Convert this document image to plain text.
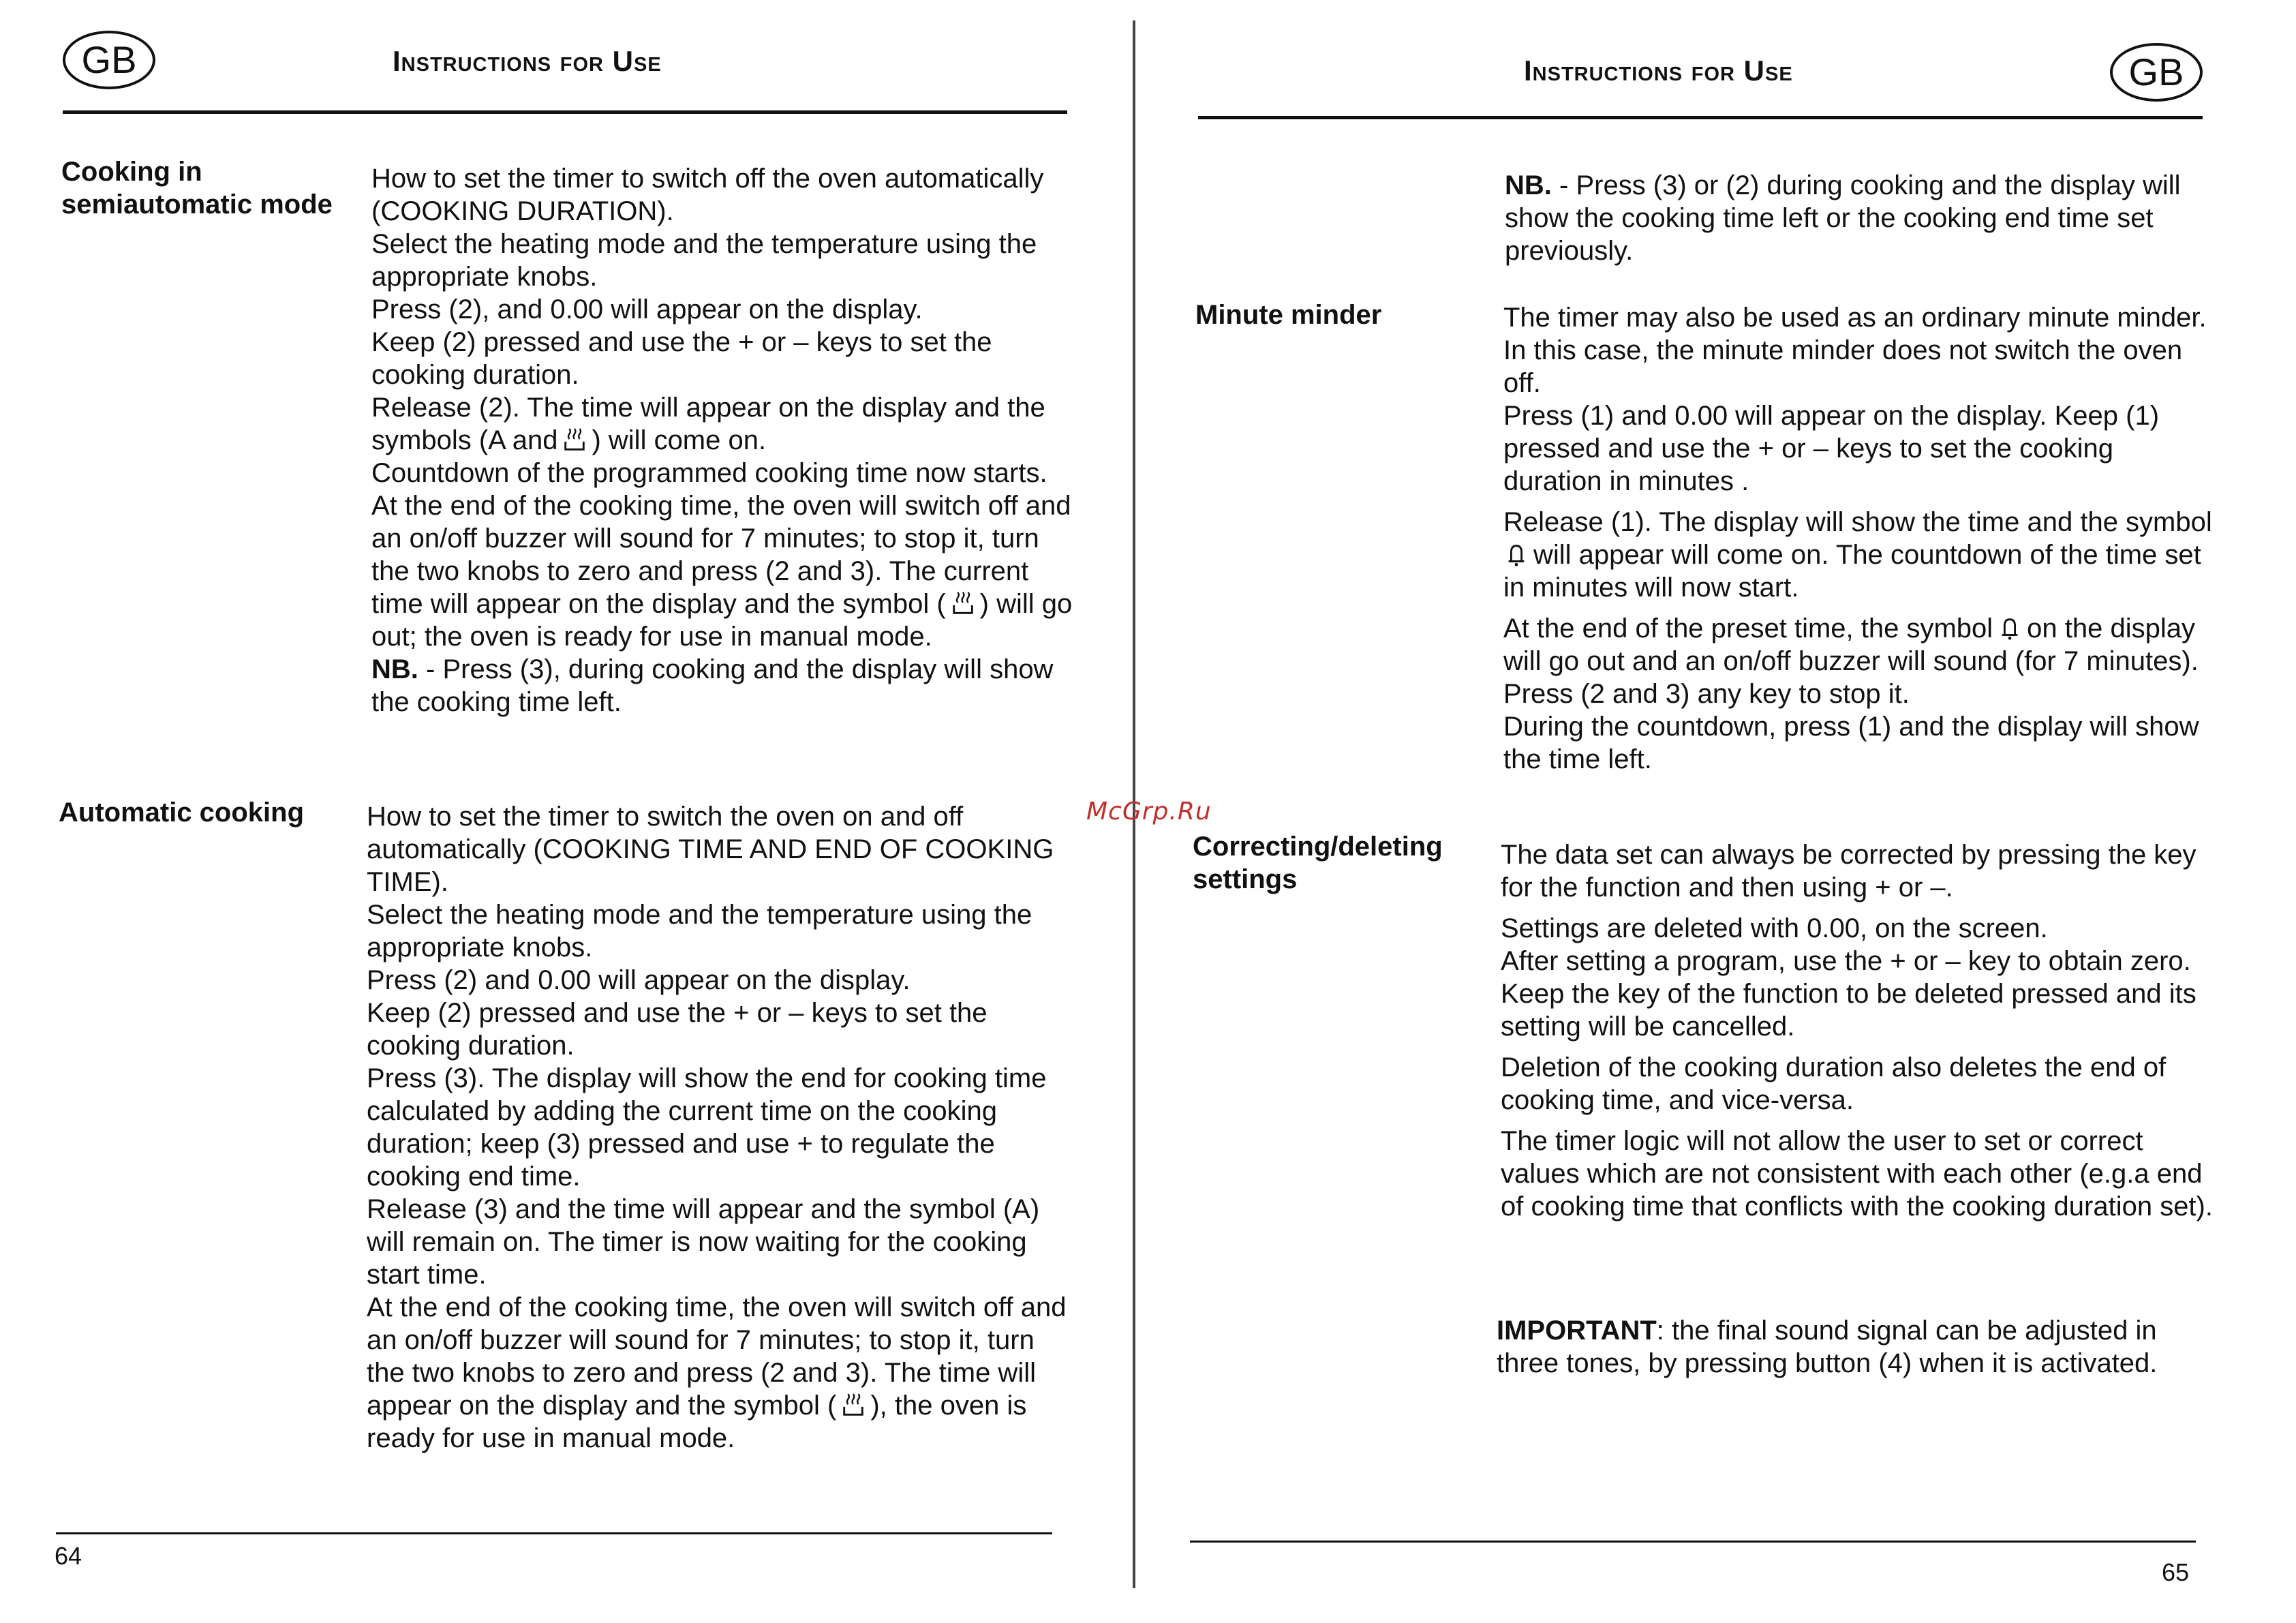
GB	Instructions for Use
Cooking in semiautomatic mode

How to set the timer to switch off the oven automatically (COOKING DURATION).

Select the heating mode and the temperature using the appropriate knobs.

Press (2), and 0.00 will appear on the display.

Keep (2) pressed and use the + or – keys to set the cooking duration.

Release (2). The time will appear on the display and the symbols (A and ) will come on.

Countdown of the programmed cooking time now starts.

At the end of the cooking time, the oven will switch off and an on/off buzzer will sound for 7 minutes; to stop it, turn the two knobs to zero and press (2 and 3). The current time will appear on the display and the symbol ( ) will go out; the oven is ready for use in manual mode.

NB. - Press (3), during cooking and the display will show the cooking time left.

Automatic cooking	How to set the timer to switch the oven on and off automatically (COOKING TIME AND END OF COOKING TIME).

Select the heating mode and the temperature using the appropriate knobs.

Press (2) and 0.00 will appear on the display.

Keep (2) pressed and use the + or – keys to set the cooking duration.

Press (3). The display will show the end for cooking time calculated by adding the current time on the cooking duration; keep (3) pressed and use + to regulate the cooking end time.

Release (3) and the time will appear and the symbol (A) will remain on. The timer is now waiting for the cooking start time.

At the end of the cooking time, the oven will switch off and an on/off buzzer will sound for 7 minutes; to stop it, turn the two knobs to zero and press (2 and 3). The time will appear on the display and the symbol ( ), the oven is ready for use in manual mode.

64
McGrp.Ru
Instructions for Use	GB

NB. - Press (3) or (2) during cooking and the display will show the cooking time left or the cooking end time set previously.

Minute minder	The timer may also be used as an ordinary minute minder. In this case, the minute minder does not switch the oven off.

Press (1) and 0.00 will appear on the display. Keep (1) pressed and use the + or – keys to set the cooking duration in minutes .

Release (1). The display will show the time and the symbol
will appear will come on. The countdown of the time set in minutes will now start.

At the end of the preset time, the symbol on the display will go out and an on/off buzzer will sound (for 7 minutes). Press (2 and 3) any key to stop it.

During the countdown, press (1) and the display will show the time left.

Correcting/deleting settings

The data set can always be corrected by pressing the key for the function and then using + or –.

Settings are deleted with 0.00, on the screen.

After setting a program, use the + or – key to obtain zero. Keep the key of the function to be deleted pressed and its setting will be cancelled.

Deletion of the cooking duration also deletes the end of cooking time, and vice-versa.

The timer logic will not allow the user to set or correct values which are not consistent with each other (e.g.a end of cooking time that conflicts with the cooking duration set).

IMPORTANT: the final sound signal can be adjusted in three tones, by pressing button (4) when it is activated.

65
